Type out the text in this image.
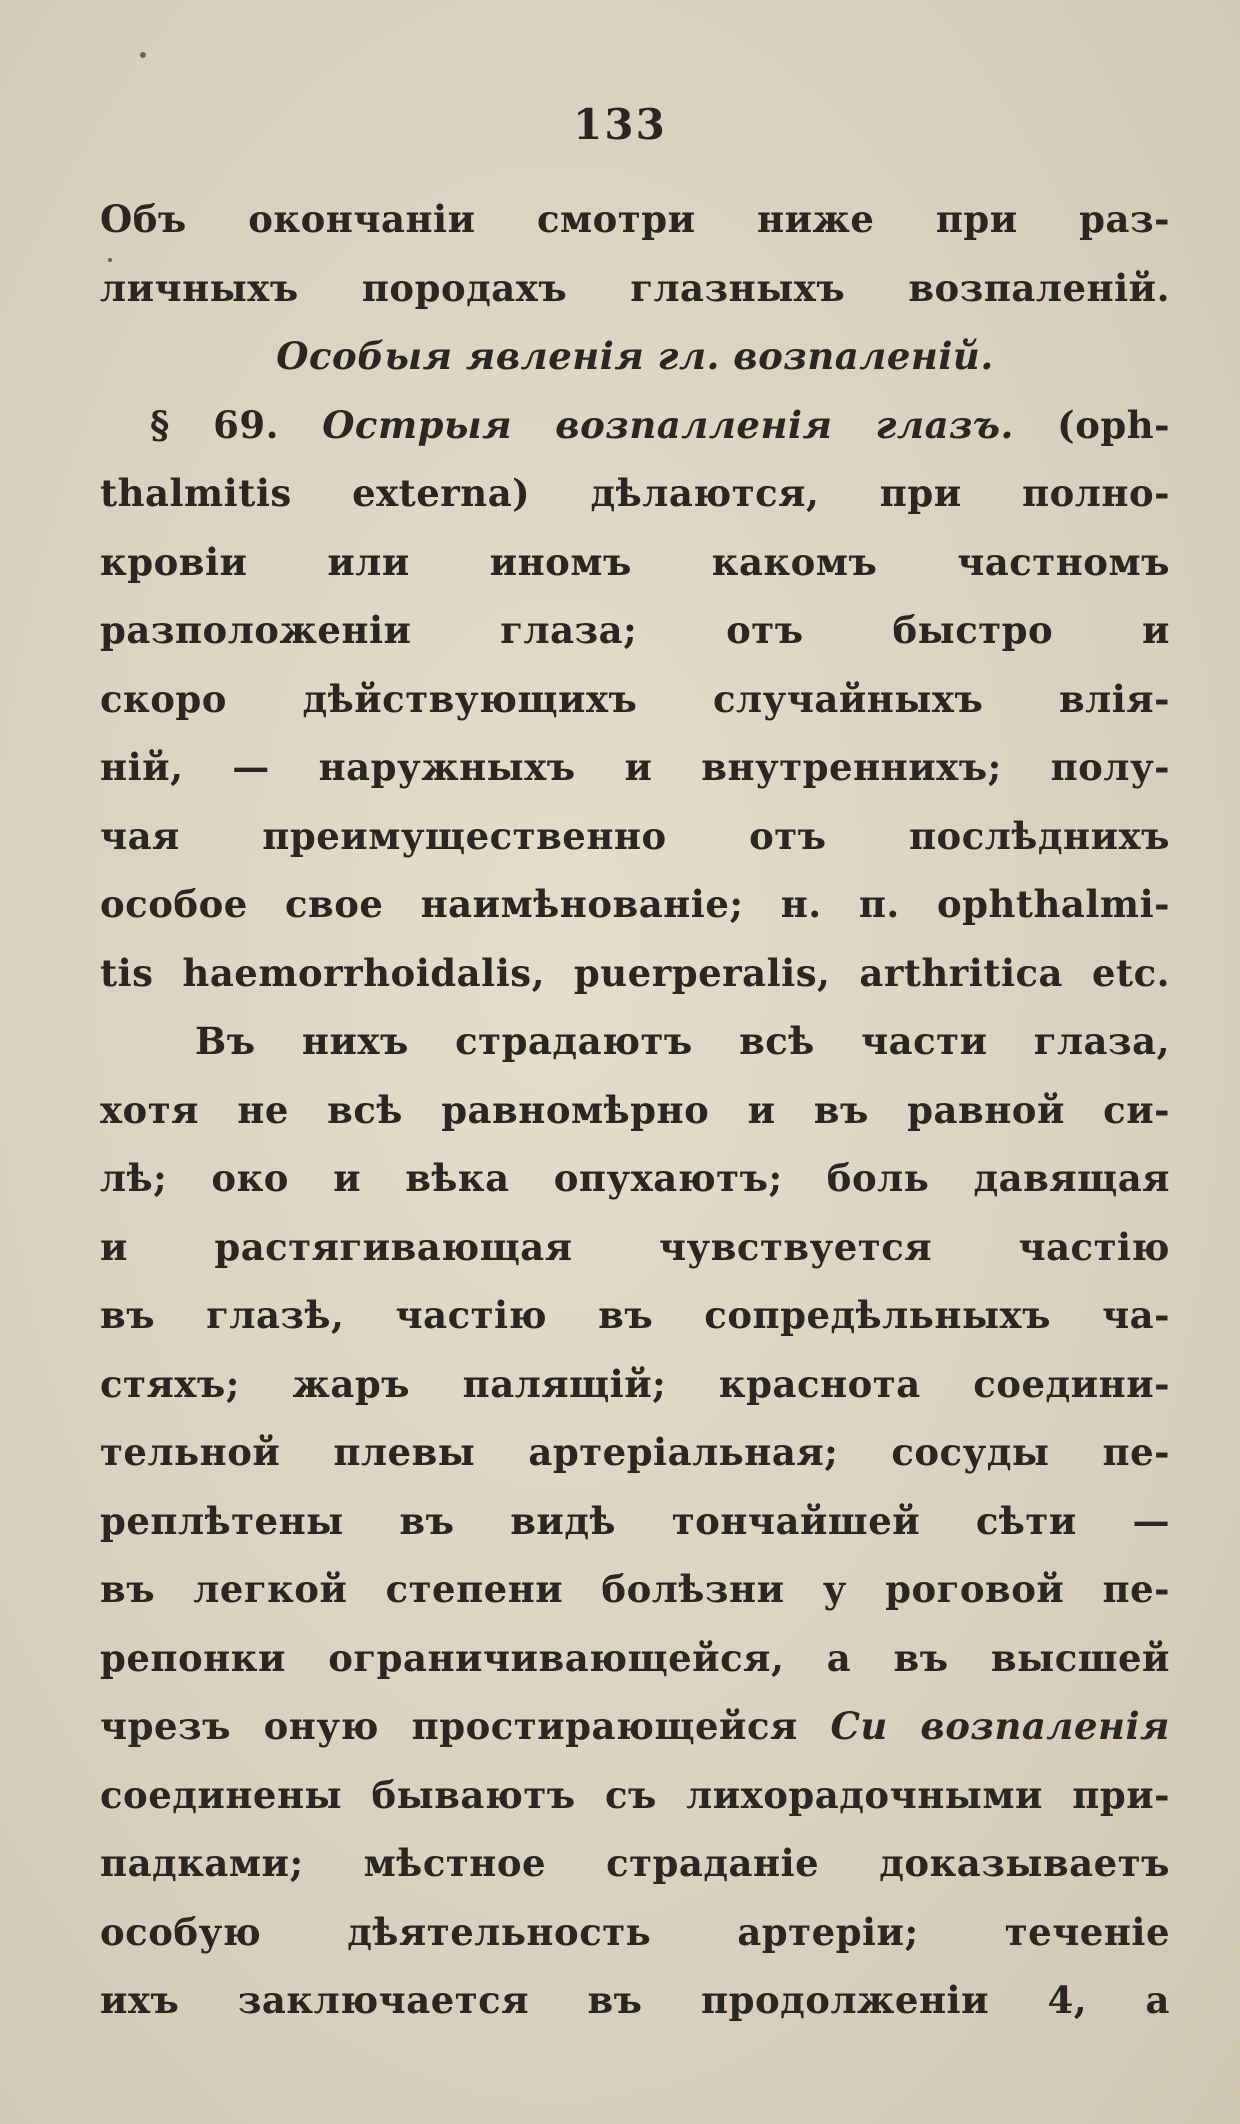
133
Объ окончанiи смотри ниже при раз-
личныхъ породахъ глазныхъ возпаленiй.
Особыя явленiя гл. возпаленiй.
§ 69. Острыя возпалленiя глазъ. (oph-
thalmitis externa) дѣлаются, при полно-
кровiи или иномъ какомъ частномъ
разположенiи глаза; отъ быстро и
скоро дѣйствующихъ случайныхъ влiя-
нiй, — наружныхъ и внутреннихъ; полу-
чая преимущественно отъ послѣднихъ
особое свое наимѣнованiе; н. п. ophthalmi-
tis haemorrhoidalis, puerperalis, arthritica etc.
Въ нихъ страдаютъ всѣ части глаза,
хотя не всѣ равномѣрно и въ равной си-
лѣ; око и вѣка опухаютъ; боль давящая
и растягивающая чувствуется частiю
въ глазѣ, частiю въ сопредѣльныхъ ча-
стяхъ; жаръ палящiй; краснота соедини-
тельной плевы артерiальная; сосуды пе-
реплѣтены въ видѣ тончайшей сѣти —
въ легкой степени болѣзни у роговой пе-
репонки ограничивающейся, а въ высшей
чрезъ оную простирающейся Си возпаленiя
соединены бываютъ съ лихорадочными при-
падками; мѣстное страданiе доказываетъ
особую дѣятельность артерiи; теченiе
ихъ заключается въ продолженiи 4, а
